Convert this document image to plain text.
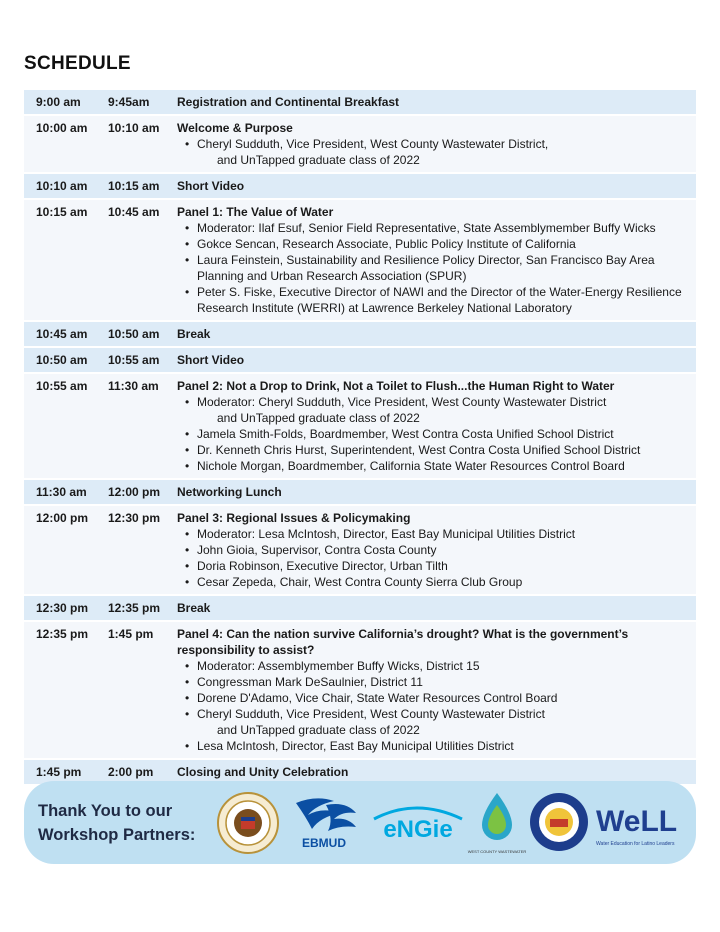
SCHEDULE
9:00 am	9:45am	Registration and Continental Breakfast
10:00 am	10:10 am	Welcome & Purpose
• Cheryl Sudduth, Vice President, West County Wastewater District,
and UnTapped graduate class of 2022
10:10 am	10:15 am	Short Video
10:15 am	10:45 am	Panel 1: The Value of Water
• Moderator: Ilaf Esuf, Senior Field Representative, State Assemblymember Buffy Wicks
• Gokce Sencan, Research Associate, Public Policy Institute of California
• Laura Feinstein, Sustainability and Resilience Policy Director, San Francisco Bay Area Planning and Urban Research Association (SPUR)
• Peter S. Fiske, Executive Director of NAWI and the Director of the Water-Energy Resilience Research Institute (WERRI) at Lawrence Berkeley National Laboratory
10:45 am	10:50 am	Break
10:50 am	10:55 am	Short Video
10:55 am	11:30 am	Panel 2: Not a Drop to Drink, Not a Toilet to Flush...the Human Right to Water
• Moderator: Cheryl Sudduth, Vice President, West County Wastewater District
and UnTapped graduate class of 2022
• Jamela Smith-Folds, Boardmember, West Contra Costa Unified School District
• Dr. Kenneth Chris Hurst, Superintendent, West Contra Costa Unified School District
• Nichole Morgan, Boardmember, California State Water Resources Control Board
11:30 am	12:00 pm	Networking Lunch
12:00 pm	12:30 pm	Panel 3: Regional Issues & Policymaking
• Moderator: Lesa McIntosh, Director, East Bay Municipal Utilities District
• John Gioia, Supervisor, Contra Costa County
• Doria Robinson, Executive Director, Urban Tilth
• Cesar Zepeda, Chair, West Contra County Sierra Club Group
12:30 pm	12:35 pm	Break
12:35 pm	1:45 pm	Panel 4: Can the nation survive California’s drought? What is the government’s responsibility to assist?
• Moderator: Assemblymember Buffy Wicks, District 15
• Congressman Mark DeSaulnier, District 11
• Dorene D'Adamo, Vice Chair, State Water Resources Control Board
• Cheryl Sudduth, Vice President, West County Wastewater District
and UnTapped graduate class of 2022
• Lesa McIntosh, Director, East Bay Municipal Utilities District
1:45 pm	2:00 pm	Closing and Unity Celebration
Thank You to our
Workshop Partners:	EBMUD eNGie
WEST COUNTY WASTEWATER
WeLL
Water Education for Latino Leaders
